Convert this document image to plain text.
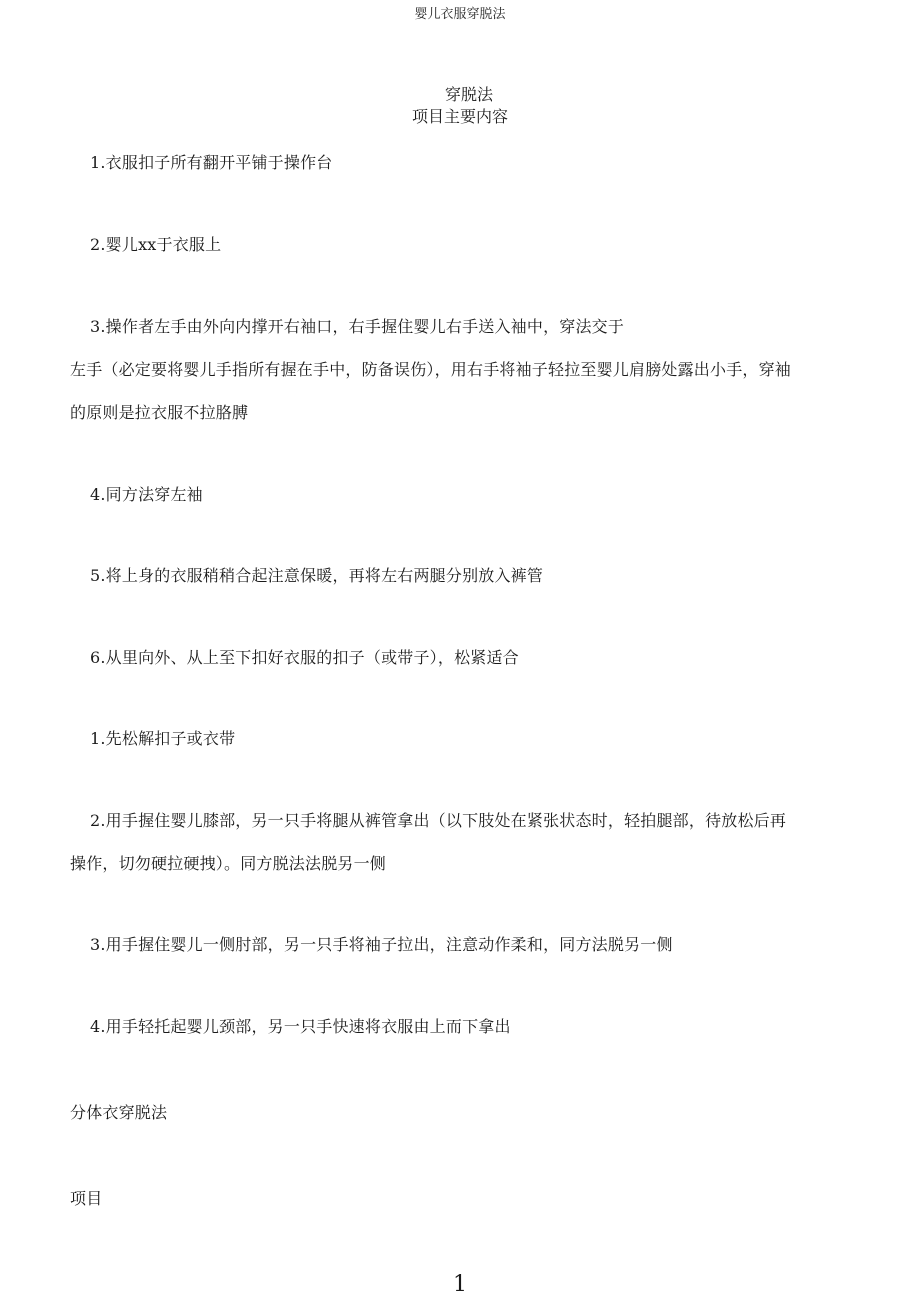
婴儿衣服穿脱法
穿脱法
项目主要内容
1.衣服扣子所有翻开平铺于操作台
2.婴儿xx于衣服上
3.操作者左手由外向内撑开右袖口，右手握住婴儿右手送入袖中，穿法交于
左手（必定要将婴儿手指所有握在手中，防备误伤），用右手将袖子轻拉至婴儿肩膀处露出小手，穿袖
的原则是拉衣服不拉胳膊
4.同方法穿左袖
5.将上身的衣服稍稍合起注意保暖，再将左右两腿分别放入裤管
6.从里向外、从上至下扣好衣服的扣子（或带子），松紧适合
1.先松解扣子或衣带
2.用手握住婴儿膝部，另一只手将腿从裤管拿出（以下肢处在紧张状态时，轻拍腿部，待放松后再
操作，切勿硬拉硬拽）。同方脱法法脱另一侧
3.用手握住婴儿一侧肘部，另一只手将袖子拉出，注意动作柔和，同方法脱另一侧
4.用手轻托起婴儿颈部，另一只手快速将衣服由上而下拿出
分体衣穿脱法
项目
1
